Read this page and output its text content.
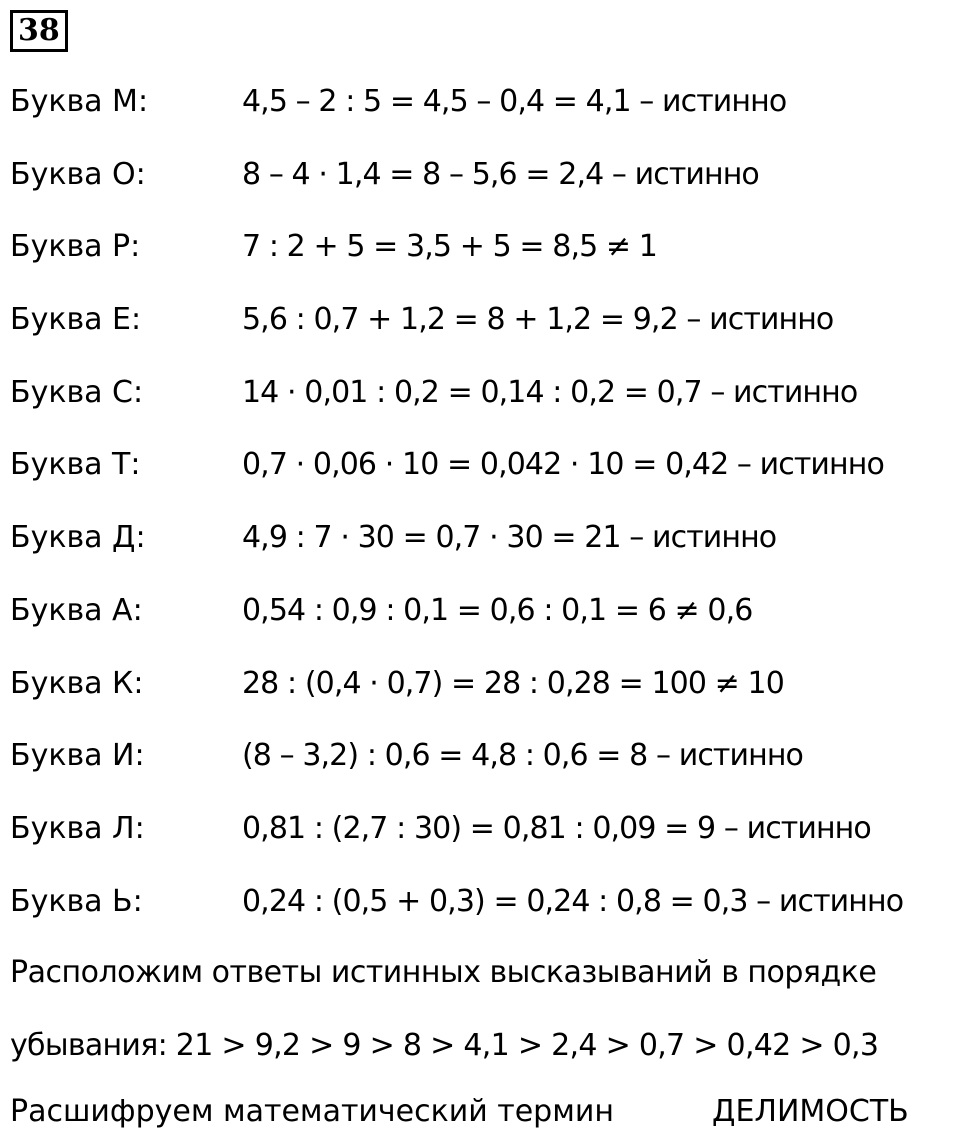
38
Буква М:	4,5 – 2 : 5 = 4,5 – 0,4 = 4,1 – истинно
Буква О:	8 – 4 · 1,4 = 8 – 5,6 = 2,4 – истинно
Буква Р:	7 : 2 + 5 = 3,5 + 5 = 8,5 ≠ 1
Буква Е:	5,6 : 0,7 + 1,2 = 8 + 1,2 = 9,2 – истинно
Буква С:	14 · 0,01 : 0,2 = 0,14 : 0,2 = 0,7 – истинно
Буква Т:	0,7 · 0,06 · 10 = 0,042 · 10 = 0,42 – истинно
Буква Д:	4,9 : 7 · 30 = 0,7 · 30 = 21 – истинно
Буква А:	0,54 : 0,9 : 0,1 = 0,6 : 0,1 = 6 ≠ 0,6
Буква К:	28 : (0,4 · 0,7) = 28 : 0,28 = 100 ≠ 10
Буква И:	(8 – 3,2) : 0,6 = 4,8 : 0,6 = 8 – истинно
Буква Л:	0,81 : (2,7 : 30) = 0,81 : 0,09 = 9 – истинно
Буква Ь:	0,24 : (0,5 + 0,3) = 0,24 : 0,8 = 0,3 – истинно
Расположим ответы истинных высказываний в порядке
убывания: 21 > 9,2 > 9 > 8 > 4,1 > 2,4 > 0,7 > 0,42 > 0,3
Расшифруем математический термин	ДЕЛИМОСТЬ
